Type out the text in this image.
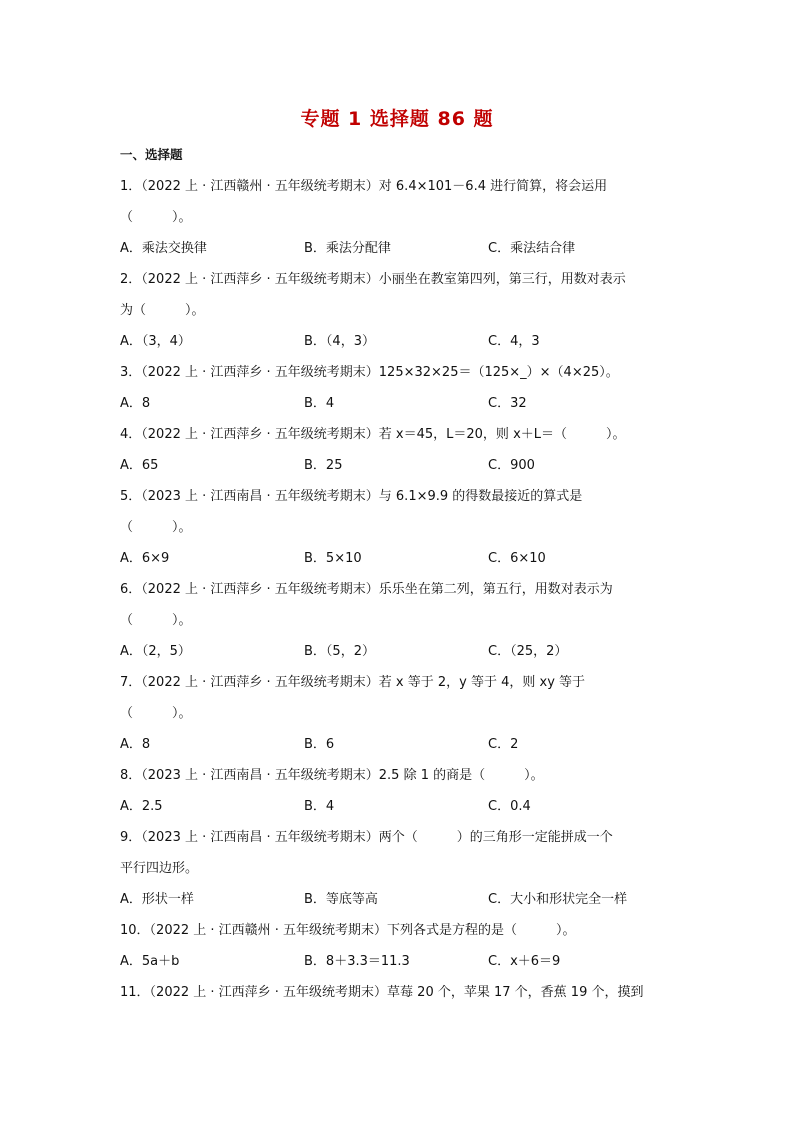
专题 1 选择题 86 题
一、选择题
1．（2022 上 · 江西赣州 · 五年级统考期末）对 6.4×101－6.4 进行简算，将会运用
（　　　）。
A．乘法交换律	B．乘法分配律	C．乘法结合律
2．（2022 上 · 江西萍乡 · 五年级统考期末）小丽坐在教室第四列，第三行，用数对表示
为（　　　）。
A．（3，4）	B．（4，3）	C．4，3
3．（2022 上 · 江西萍乡 · 五年级统考期末）125×32×25＝（125×_）×（4×25）。
A．8	B．4	C．32
4．（2022 上 · 江西萍乡 · 五年级统考期末）若 x＝45，L＝20，则 x＋L＝（　　　）。
A．65	B．25	C．900
5．（2023 上 · 江西南昌 · 五年级统考期末）与 6.1×9.9 的得数最接近的算式是
（　　　）。
A．6×9	B．5×10	C．6×10
6．（2022 上 · 江西萍乡 · 五年级统考期末）乐乐坐在第二列，第五行，用数对表示为
（　　　）。
A．（2，5）	B．（5，2）	C．（25，2）
7．（2022 上 · 江西萍乡 · 五年级统考期末）若 x 等于 2，y 等于 4，则 xy 等于
（　　　）。
A．8	B．6	C．2
8．（2023 上 · 江西南昌 · 五年级统考期末）2.5 除 1 的商是（　　　）。
A．2.5	B．4	C．0.4
9．（2023 上 · 江西南昌 · 五年级统考期末）两个（　　　）的三角形一定能拼成一个
平行四边形。
A．形状一样	B．等底等高	C．大小和形状完全一样
10．（2022 上 · 江西赣州 · 五年级统考期末）下列各式是方程的是（　　　）。
A．5a＋b	B．8＋3.3＝11.3	C．x＋6＝9
11．（2022 上 · 江西萍乡 · 五年级统考期末）草莓 20 个，苹果 17 个，香蕉 19 个，摸到
